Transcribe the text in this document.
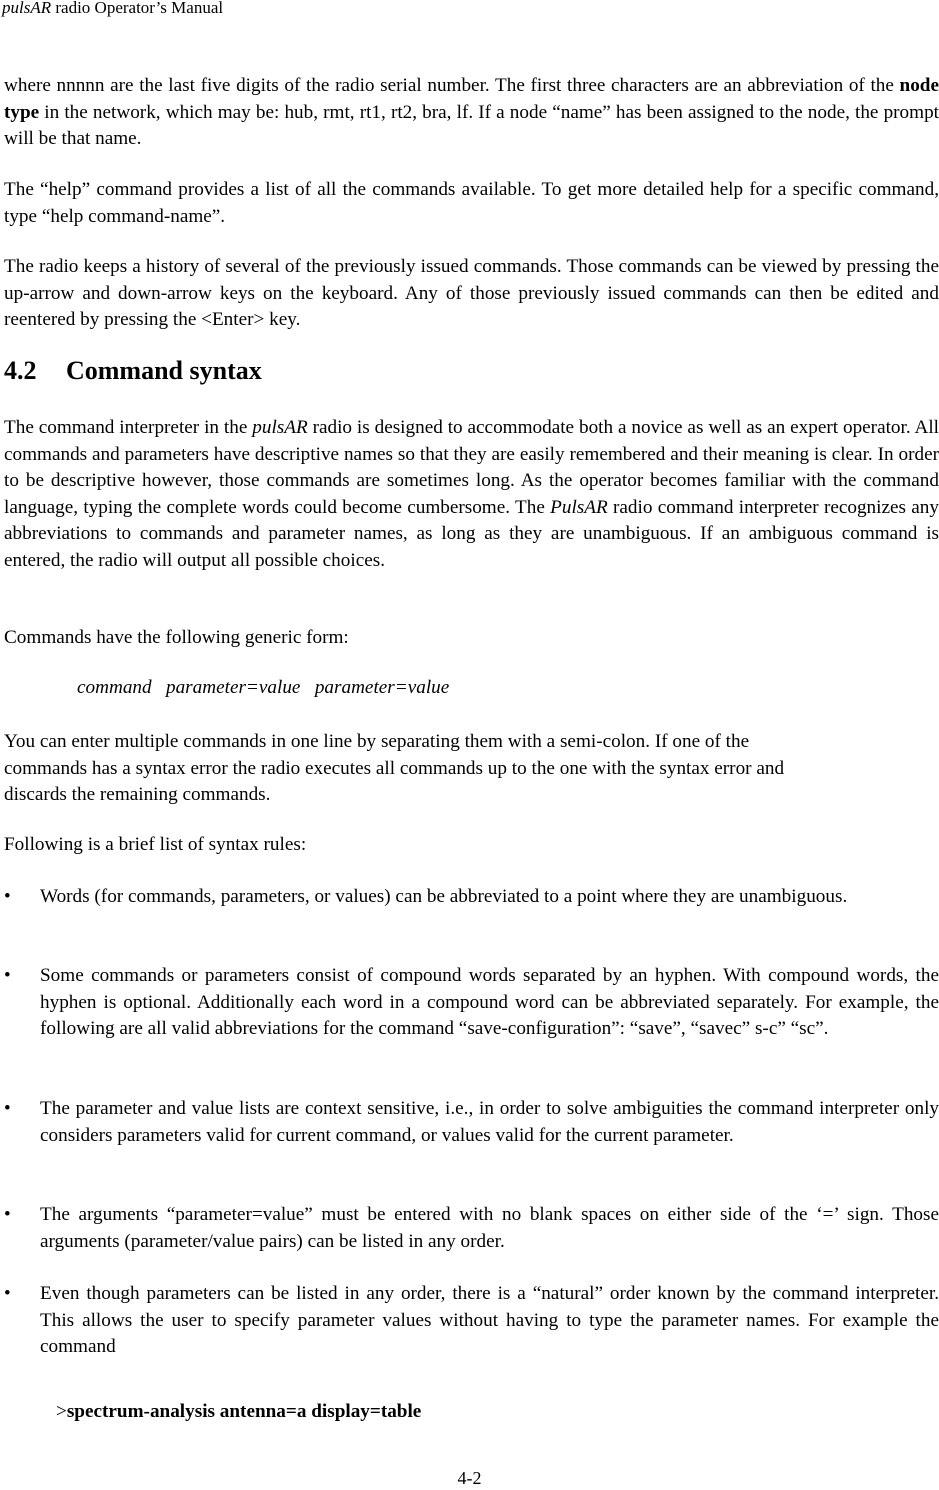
pulsAR radio Operator’s Manual
where nnnnn are the last five digits of the radio serial number. The first three characters are an abbreviation of the node type in the network, which may be: hub, rmt, rt1, rt2, bra, lf. If a node “name” has been assigned to the node, the prompt will be that name.
The “help” command provides a list of all the commands available. To get more detailed help for a specific command, type “help command-name”.
The radio keeps a history of several of the previously issued commands. Those commands can be viewed by pressing the up-arrow and down-arrow keys on the keyboard. Any of those previously issued commands can then be edited and reentered by pressing the <Enter> key.
4.2 Command syntax
The command interpreter in the pulsAR radio is designed to accommodate both a novice as well as an expert operator. All commands and parameters have descriptive names so that they are easily remembered and their meaning is clear. In order to be descriptive however, those commands are sometimes long. As the operator becomes familiar with the command language, typing the complete words could become cumbersome. The PulsAR radio command interpreter recognizes any abbreviations to commands and parameter names, as long as they are unambiguous. If an ambiguous command is entered, the radio will output all possible choices.
Commands have the following generic form:
command   parameter=value   parameter=value
You can enter multiple commands in one line by separating them with a semi-colon. If one of the
commands has a syntax error the radio executes all commands up to the one with the syntax error and
discards the remaining commands.
Following is a brief list of syntax rules:
• Words (for commands, parameters, or values) can be abbreviated to a point where they are unambiguous.
• Some commands or parameters consist of compound words separated by an hyphen. With compound words, the hyphen is optional. Additionally each word in a compound word can be abbreviated separately. For example, the following are all valid abbreviations for the command “save-configuration”: “save”, “savec” s-c” “sc”.
• The parameter and value lists are context sensitive, i.e., in order to solve ambiguities the command interpreter only considers parameters valid for current command, or values valid for the current parameter.
• The arguments “parameter=value” must be entered with no blank spaces on either side of the ‘=’ sign. Those arguments (parameter/value pairs) can be listed in any order.
• Even though parameters can be listed in any order, there is a “natural” order known by the command interpreter. This allows the user to specify parameter values without having to type the parameter names. For example the command
>spectrum-analysis antenna=a display=table
4-2
